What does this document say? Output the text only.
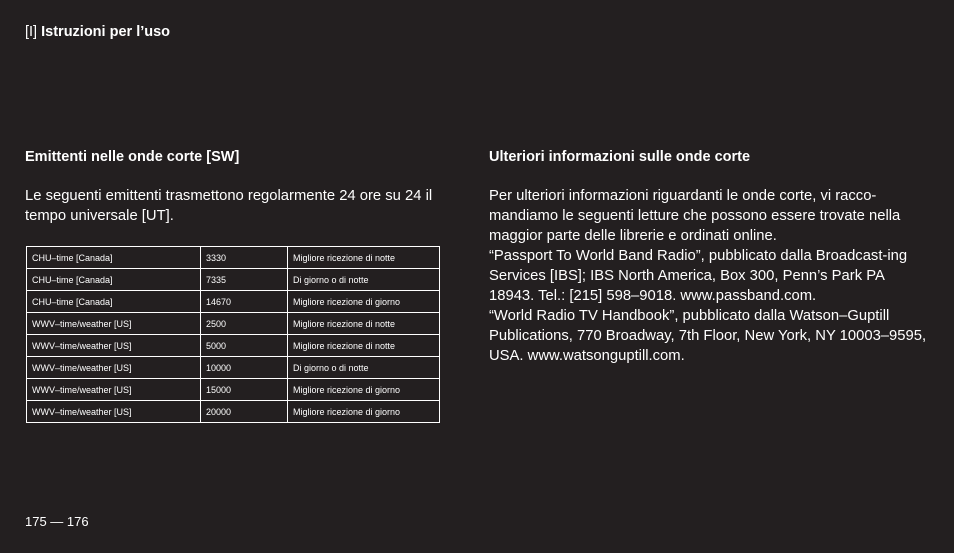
[I] Istruzioni per l’uso
Emittenti nelle onde corte [SW]
Le seguenti emittenti trasmettono regolarmente 24 ore su 24 il tempo universale [UT].
CHU–time [Canada]	3330	Migliore ricezione di notte
CHU–time [Canada]	7335	Di giorno o di notte
CHU–time [Canada]	14670	Migliore ricezione di giorno
WWV–time/weather [US]	2500	Migliore ricezione di notte
WWV–time/weather [US]	5000	Migliore ricezione di notte
WWV–time/weather [US]	10000	Di giorno o di notte
WWV–time/weather [US]	15000	Migliore ricezione di giorno
WWV–time/weather [US]	20000	Migliore ricezione di giorno
Ulteriori informazioni sulle onde corte

Per ulteriori informazioni riguardanti le onde corte, vi racco-mandiamo le seguenti letture che possono essere trovate nella maggior parte delle librerie e ordinati online.

“Passport To World Band Radio”, pubblicato dalla Broadcast-ing Services [IBS]; IBS North America, Box 300, Penn’s Park PA 18943. Tel.: [215] 598–9018. www.passband.com.

“World Radio TV Handbook”, pubblicato dalla Watson–Guptill Publications, 770 Broadway, 7th Floor, New York, NY 10003–9595, USA. www.watsonguptill.com.

175 — 176
